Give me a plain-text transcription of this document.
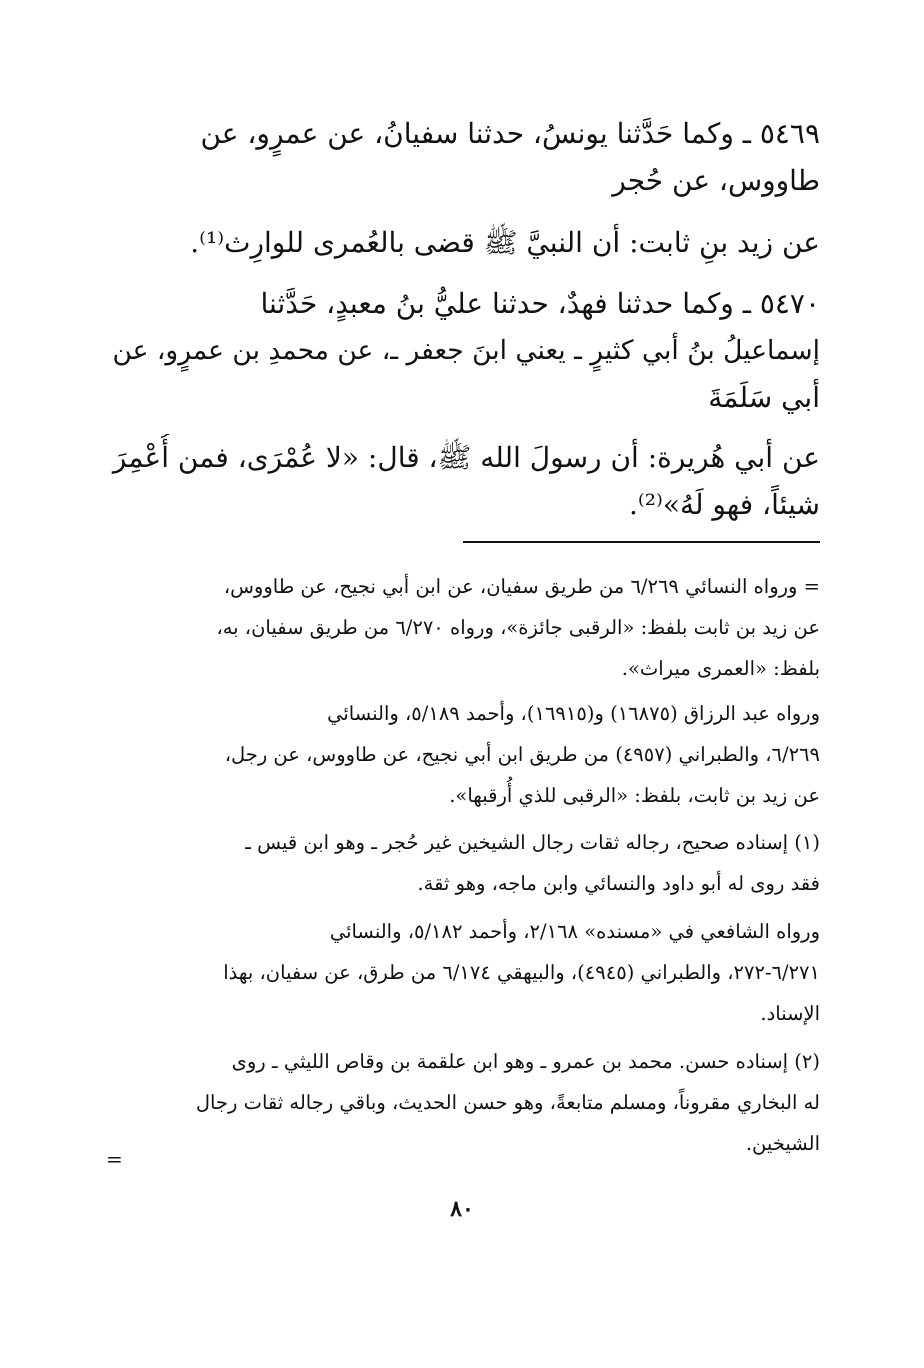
٥٤٦٩ ـ وكما حَدَّثنا يونسُ، حدثنا سفيانُ، عن عمرٍو، عن
طاووس، عن حُجر
عن زيد بنِ ثابت: أن النبيَّ ﷺ قضى بالعُمرى للوارِث⁽¹⁾.
٥٤٧٠ ـ وكما حدثنا فهدٌ، حدثنا عليُّ بنُ معبدٍ، حَدَّثنا
إسماعيلُ بنُ أبي كثيرٍ ـ يعني ابنَ جعفر ـ، عن محمدِ بن عمرٍو، عن
أبي سَلَمَةَ
عن أبي هُريرة: أن رسولَ الله ﷺ، قال: «لا عُمْرَى، فمن أُعْمِرَ
شيئاً، فهو لَهُ»⁽²⁾.
= ورواه النسائي ٦/٢٦٩ من طريق سفيان، عن ابن أبي نجيح، عن طاووس،
عن زيد بن ثابت بلفظ: «الرقبى جائزة»، ورواه ٦/٢٧٠ من طريق سفيان، به،
بلفظ: «العمرى ميراث».
ورواه عبد الرزاق (١٦٨٧٥) و(١٦٩١٥)، وأحمد ٥/١٨٩، والنسائي
٦/٢٦٩، والطبراني (٤٩٥٧) من طريق ابن أبي نجيح، عن طاووس، عن رجل،
عن زيد بن ثابت، بلفظ: «الرقبى للذي أُرقبها».
(١) إسناده صحيح، رجاله ثقات رجال الشيخين غير حُجر ـ وهو ابن قيس ـ
فقد روى له أبو داود والنسائي وابن ماجه، وهو ثقة.
ورواه الشافعي في «مسنده» ٢/١٦٨، وأحمد ٥/١٨٢، والنسائي
٦/٢٧١-٢٧٢، والطبراني (٤٩٤٥)، والبيهقي ٦/١٧٤ من طرق، عن سفيان، بهذا
الإسناد.
(٢) إسناده حسن. محمد بن عمرو ـ وهو ابن علقمة بن وقاص الليثي ـ روى
له البخاري مقروناً، ومسلم متابعةً، وهو حسن الحديث، وباقي رجاله ثقات رجال
الشيخين.
=
٨٠
